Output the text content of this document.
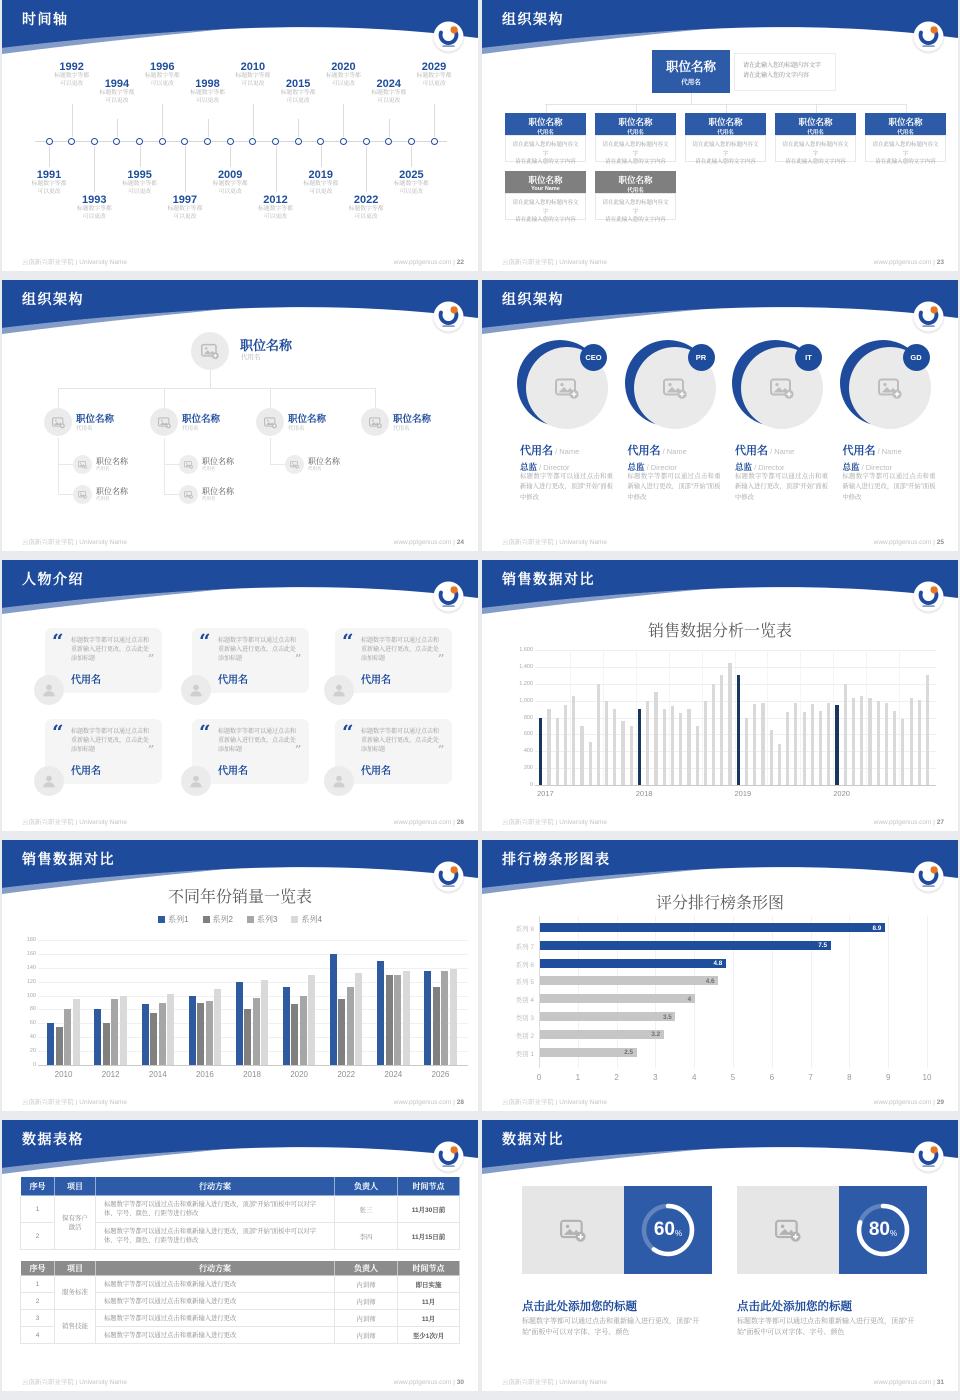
时间轴
1991
标题数字等都
可以更改
1992
标题数字等都
可以更改
1993
标题数字等都
可以更改
1994
标题数字等都
可以更改
1995
标题数字等都
可以更改
1996
标题数字等都
可以更改
1997
标题数字等都
可以更改
1998
标题数字等都
可以更改
2009
标题数字等都
可以更改
2010
标题数字等都
可以更改
2012
标题数字等都
可以更改
2015
标题数字等都
可以更改
2019
标题数字等都
可以更改
2020
标题数字等都
可以更改
2022
标题数字等都
可以更改
2024
标题数字等都
可以更改
2025
标题数字等都
可以更改
2029
标题数字等都
可以更改
云南新兴职业学院 | University Name	www.pptgenius.com | 22
组织架构
职位名称
代用名
请在此输入您的标题内容文字
请在此输入您的文字内容
职位名称
代用名
请在此输入您的标题内容文字
请在此输入您的文字内容
职位名称
代用名
请在此输入您的标题内容文字
请在此输入您的文字内容
职位名称
代用名
请在此输入您的标题内容文字
请在此输入您的文字内容
职位名称
代用名
请在此输入您的标题内容文字
请在此输入您的文字内容
职位名称
代用名
请在此输入您的标题内容文字
请在此输入您的文字内容
职位名称
Your Name
请在此输入您的标题内容文字
请在此输入您的文字内容
职位名称
代用名
请在此输入您的标题内容文字
请在此输入您的文字内容
云南新兴职业学院 | University Name	www.pptgenius.com | 23
组织架构
职位名称
代用名
职位名称
代用名
职位名称
代用名
职位名称
代用名
职位名称
代用名
职位名称
代用名
职位名称
代用名
职位名称
代用名
职位名称
代用名
职位名称
代用名
云南新兴职业学院 | University Name	www.pptgenius.com | 24
组织架构
CEO
代用名 / Name
总监 / Director
标题数字等都可以通过点击和重新输入进行更改，顶部“开始”面板中修改
PR
代用名 / Name
总监 / Director
标题数字等都可以通过点击和重新输入进行更改，顶部“开始”面板中修改
IT
代用名 / Name
总监 / Director
标题数字等都可以通过点击和重新输入进行更改，顶部“开始”面板中修改
GD
代用名 / Name
总监 / Director
标题数字等都可以通过点击和重新输入进行更改，顶部“开始”面板中修改
云南新兴职业学院 | University Name	www.pptgenius.com | 25
人物介绍
“ 标题数字等都可以通过点击和重新输入进行更改，点击此处添加标题	”
代用名
“ 标题数字等都可以通过点击和重新输入进行更改，点击此处添加标题	”
代用名
“ 标题数字等都可以通过点击和重新输入进行更改，点击此处添加标题	”
代用名
“ 标题数字等都可以通过点击和重新输入进行更改，点击此处添加标题	”
代用名
“ 标题数字等都可以通过点击和重新输入进行更改，点击此处添加标题	”
代用名
“ 标题数字等都可以通过点击和重新输入进行更改，点击此处添加标题	”
代用名
云南新兴职业学院 | University Name	www.pptgenius.com | 26
销售数据对比
销售数据分析一览表
0
200
400
600
800
1,000
1,200
1,400
1,600
2017	2018	2019	2020
云南新兴职业学院 | University Name	www.pptgenius.com | 27
销售数据对比
不同年份销量一览表
系列1	系列2	系列3	系列4
0
20
40
60
80
100
120
140
160
180
2010	2012	2014	2016	2018	2020	2022	2024	2026
云南新兴职业学院 | University Name	www.pptgenius.com | 28
排行榜条形图表
评分排行榜条形图
0	1	2	3	4	5	6	7	8	9	10
系列 8	8.9
系列 7	7.5
系列 6	4.8
系列 5	4.6
类别 4	4
类别 3	3.5
类别 2	3.2
类别 1	2.5
云南新兴职业学院 | University Name	www.pptgenius.com | 29
数据表格
序号	项目	行动方案	负责人	时间节点
1	保有客户激活	标题数字等都可以通过点击和重新输入进行更改，顶部“开始”面板中可以对字体、字号、颜色、行距等进行修改	张三	11月30日前
2		标题数字等都可以通过点击和重新输入进行更改，顶部“开始”面板中可以对字体、字号、颜色、行距等进行修改	李四	11月15日前
序号	项目	行动方案	负责人	时间节点
1	服务标准	标题数字等都可以通过点击和重新输入进行更改	内训师	即日实施
2		标题数字等都可以通过点击和重新输入进行更改	内训师	11月
3	销售技能	标题数字等都可以通过点击和重新输入进行更改	内训师	11月
4		标题数字等都可以通过点击和重新输入进行更改	内训师	至少1次/月
云南新兴职业学院 | University Name	www.pptgenius.com | 30
数据对比
60 %
点击此处添加您的标题
标题数字等都可以通过点击和重新输入进行更改，顶部“开始”面板中可以对字体、字号、颜色
80 %
点击此处添加您的标题
标题数字等都可以通过点击和重新输入进行更改，顶部“开始”面板中可以对字体、字号、颜色
云南新兴职业学院 | University Name	www.pptgenius.com | 31
